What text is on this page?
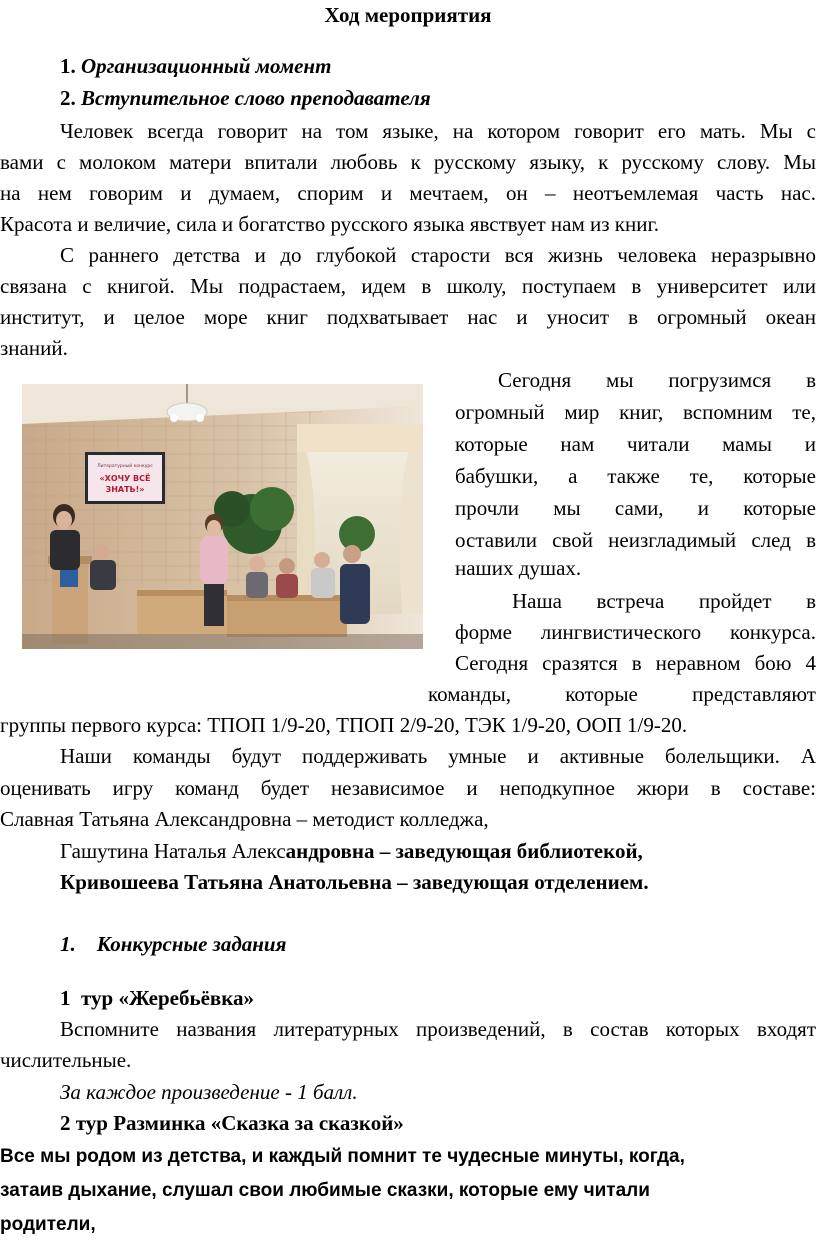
Ход мероприятия
1. Организационный момент
2. Вступительное слово преподавателя
Человек всегда говорит на том языке, на котором говорит его мать. Мы с
вами с молоком матери впитали любовь к русскому языку, к русскому слову. Мы
на нем говорим и думаем, спорим и мечтаем, он – неотъемлемая часть нас.
Красота и величие, сила и богатство русского языка явствует нам из книг.
С раннего детства и до глубокой старости вся жизнь человека неразрывно
связана с книгой. Мы подрастаем, идем в школу, поступаем в университет или
институт, и целое море книг подхватывает нас и уносит в огромный океан
знаний.
Литературный конкурс
«ХОЧУ ВСЁ
ЗНАТЬ!»
Сегодня мы погрузимся в
огромный мир книг, вспомним те,
которые нам читали мамы и
бабушки, а также те, которые
прочли мы сами, и которые
оставили свой неизгладимый след в
наших душах.
Наша встреча пройдет в
форме лингвистического конкурса.
Сегодня сразятся в неравном бою 4
команды, которые представляют
группы первого курса: ТПОП 1/9-20, ТПОП 2/9-20, ТЭК 1/9-20, ООП 1/9-20.
Наши команды будут поддерживать умные и активные болельщики. А
оценивать игру команд будет независимое и неподкупное жюри в составе:
Славная Татьяна Александровна – методист колледжа,
Гашутина Наталья Александровна – заведующая библиотекой,
Кривошеева Татьяна Анатольевна – заведующая отделением.
1. Конкурсные задания
1  тур «Жеребьёвка»
Вспомните названия литературных произведений, в состав которых входят
числительные.
За каждое произведение - 1 балл.
2 тур Разминка «Сказка за сказкой»
Все мы родом из детства, и каждый помнит те чудесные минуты, когда,
затаив дыхание, слушал свои любимые сказки, которые ему читали
родители,
